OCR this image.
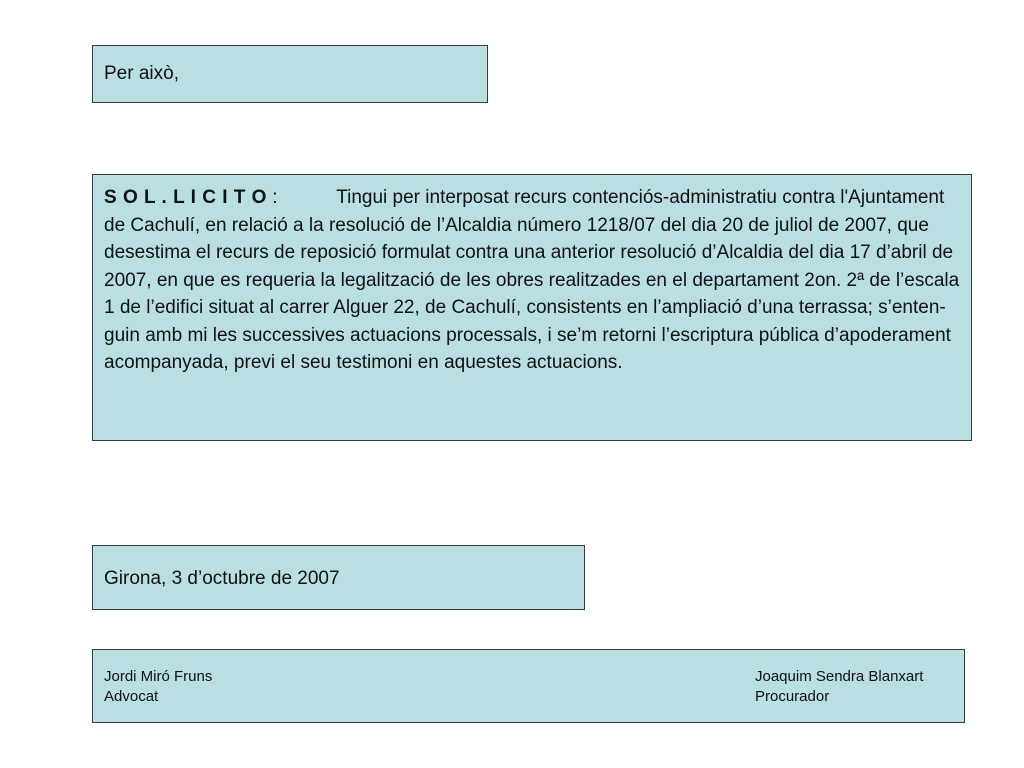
Per això,
S O L . L I C I T O :	Tingui per interposat recurs contenciós-administratiu contra l'Ajuntament de Cachulí, en relació a la resolució de l’Alcaldia número 1218/07 del dia 20 de juliol de 2007, que desestima el recurs de reposició formulat contra una anterior resolució d’Alcaldia del dia 17 d’abril de 2007, en que es requeria la legalització de les obres realitzades en el departament 2on. 2ª de l’escala 1 de l’edifici situat al carrer Alguer 22, de Cachulí, consistents en l’ampliació d’una terrassa; s’entenguin amb mi les successives actuacions processals, i se’m retorni l’escriptura pública d’apoderament acompanyada, previ el seu testimoni en aquestes actuacions.
Girona, 3 d’octubre de 2007
Jordi Miró Fruns
Advocat
Joaquim Sendra Blanxart
Procurador
